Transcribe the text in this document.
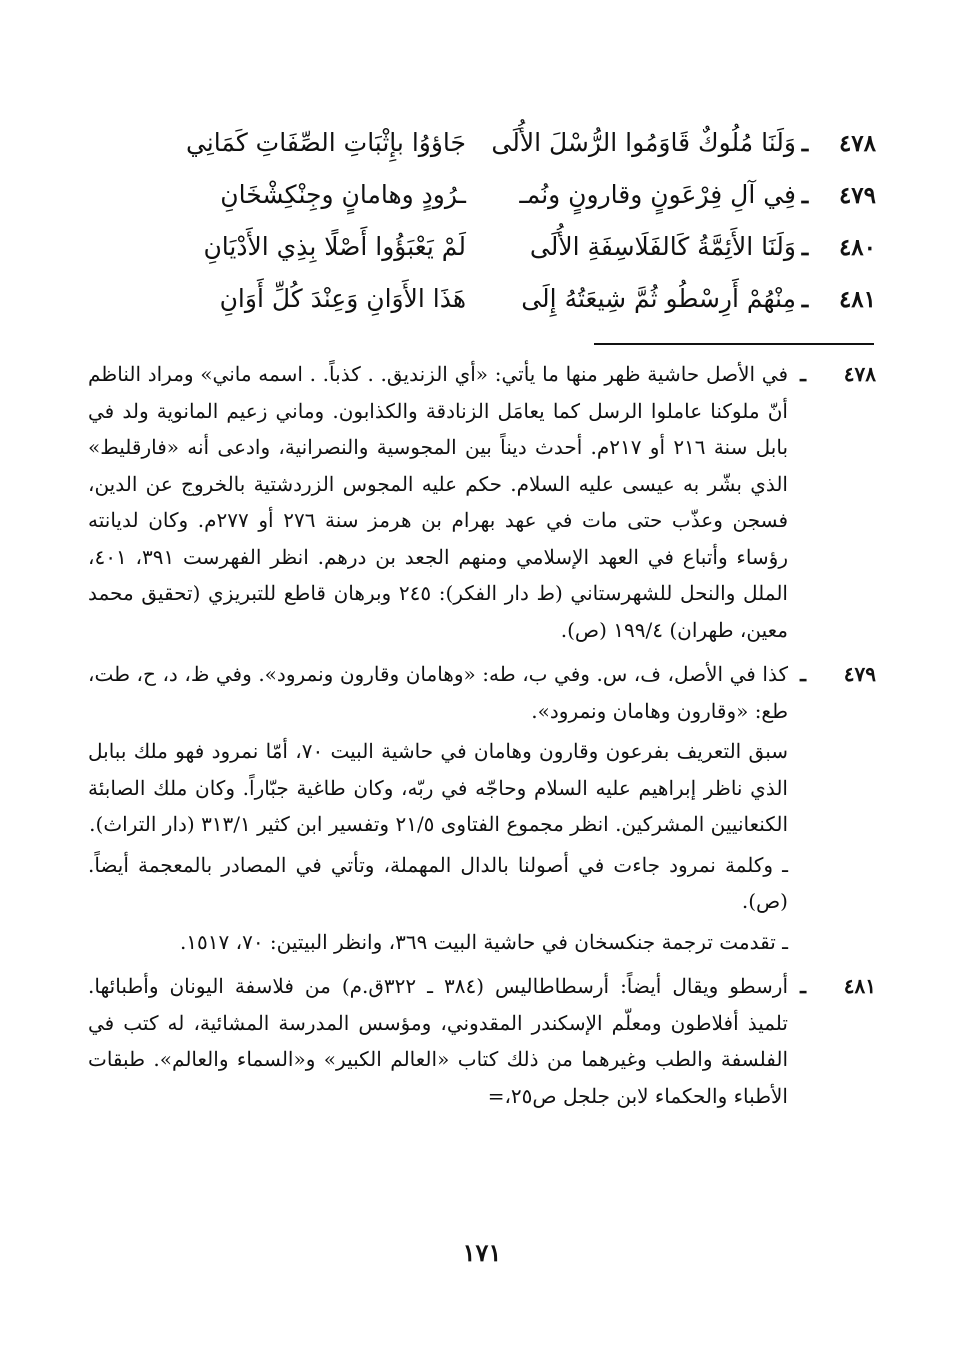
٤٧٨
ـ
وَلَنَا مُلُوكٌ قَاوَمُوا الرُّسْلَ الأُلَى
جَاؤوُا بإِثْبَاتِ الصِّفَاتِ كَمَانِي
٤٧٩
ـ
فِي آلِ فِرْعَونٍ وقارونٍ ونُمـ
ـرُودٍ وهامانٍ وجِنْكِشْخَانِ
٤٨٠
ـ
وَلَنَا الأَئِمَّةُ كَالفَلَاسِفَةِ الأُلَى
لَمْ يَعْبَؤُوا أَصْلًا بِذِي الأَدْيَانِ
٤٨١
ـ
مِنْهُمْ أَرِسْطُو ثُمَّ شِيعَتُهُ إِلَى
هَذَا الأَوَانِ وَعِنْدَ كُلِّ أَوَانِ
٤٧٨
ـ

في الأصل حاشية ظهر منها ما يأتي: «أي الزنديق. . كذباً. . اسمه ماني» ومراد الناظم أنّ ملوكنا عاملوا الرسل كما يعامَل الزنادقة والكذابون. وماني زعيم المانوية ولد في بابل سنة ٢١٦ أو ٢١٧م. أحدث ديناً بين المجوسية والنصرانية، وادعى أنه «فارقليط» الذي بشّر به عيسى عليه السلام. حكم عليه المجوس الزردشتية بالخروج عن الدين، فسجن وعذّب حتى مات في عهد بهرام بن هرمز سنة ٢٧٦ أو ٢٧٧م. وكان لديانته رؤساء وأتباع في العهد الإسلامي ومنهم الجعد بن درهم. انظر الفهرست ٣٩١، ٤٠١، الملل والنحل للشهرستاني (ط دار الفكر): ٢٤٥ وبرهان قاطع للتبريزي (تحقيق محمد معين، طهران) ١٩٩/٤ (ص).

٤٧٩
ـ

كذا في الأصل، ف، س. وفي ب، طه: «وهامان وقارون ونمرود». وفي ظ، د، ح، طت، طع: «وقارون وهامان ونمرود».

سبق التعريف بفرعون وقارون وهامان في حاشية البيت ٧٠، أمّا نمرود فهو ملك ببابل الذي ناظر إبراهيم عليه السلام وحاجّه في ربّه، وكان طاغية جبّاراً. وكان ملك الصابئة الكنعانيين المشركين. انظر مجموع الفتاوى ٢١/٥ وتفسير ابن كثير ٣١٣/١ (دار التراث).

ـ وكلمة نمرود جاءت في أصولنا بالدال المهملة، وتأتي في المصادر بالمعجمة أيضاً. (ص).

ـ تقدمت ترجمة جنكسخان في حاشية البيت ٣٦٩، وانظر البيتين: ٧٠، ١٥١٧.

٤٨١
ـ

أرسطو ويقال أيضاً: أرسطاطاليس (٣٨٤ ـ ٣٢٢ق.م) من فلاسفة اليونان وأطبائها. تلميذ أفلاطون ومعلّم الإسكندر المقدوني، ومؤسس المدرسة المشائية، له كتب في الفلسفة والطب وغيرهما من ذلك كتاب «العالم الكبير» و«السماء والعالم». طبقات الأطباء والحكماء لابن جلجل ص٢٥،=

١٧١
